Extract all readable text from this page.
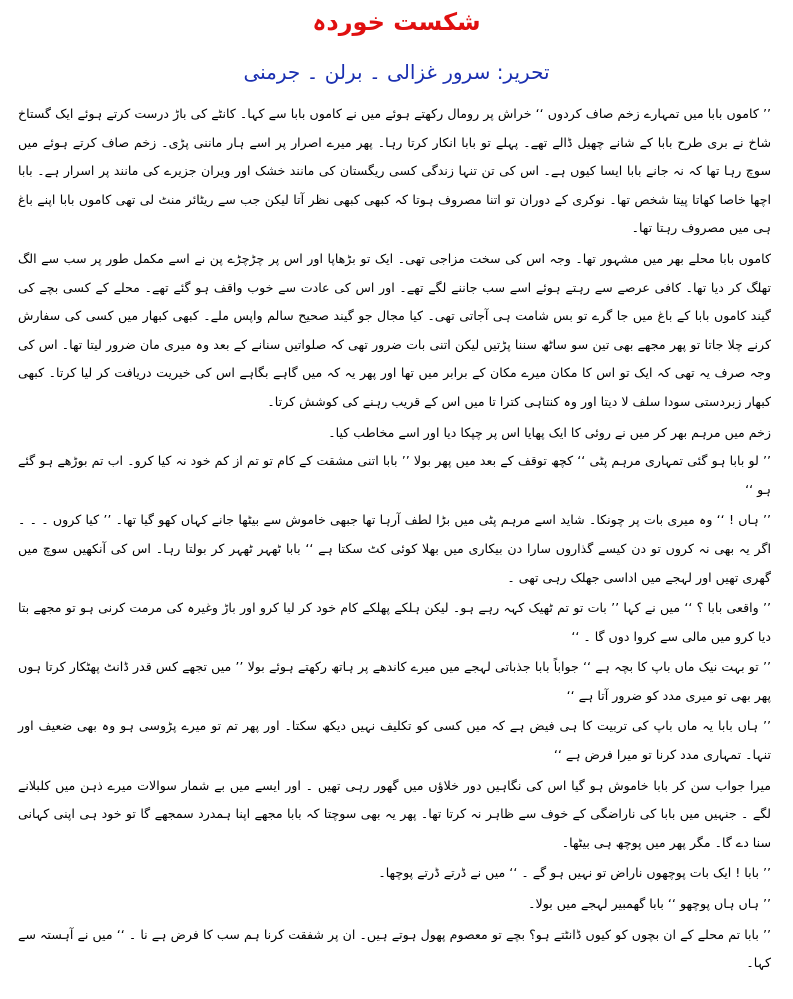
شکست خوردہ
تحریر: سرور غزالی ۔ برلن ۔ جرمنی

’’ کاموں بابا میں تمہارے زخم صاف کردوں ‘‘ خراش پر رومال رکھتے ہوئے میں نے کاموں بابا سے کہا۔ کانٹے کی باڑ درست کرتے ہوئے ایک گستاخ شاخ نے بری طرح بابا کے شانے چھیل ڈالے تھے۔ پہلے تو بابا انکار کرتا رہا۔ پھر میرے اصرار پر اسے ہار ماننی پڑی۔ زخم صاف کرتے ہوئے میں سوچ رہا تھا کہ نہ جانے بابا ایسا کیوں ہے۔ اس کی تن تنہا زندگی کسی ریگستان کی مانند خشک اور ویران جزیرے کی مانند پر اسرار ہے۔ بابا اچھا خاصا کھاتا پیتا شخص تھا۔ نوکری کے دوران تو اتنا مصروف ہوتا کہ کبھی کبھی نظر آتا لیکن جب سے ریٹائر منٹ لی تھی کاموں بابا اپنے باغ ہی میں مصروف رہتا تھا۔

کاموں بابا محلے بھر میں مشہور تھا۔ وجہ اس کی سخت مزاجی تھی۔ ایک تو بڑھاپا اور اس پر چڑچڑے پن نے اسے مکمل طور پر سب سے الگ تھلگ کر دیا تھا۔ کافی عرصے سے رہتے ہوئے اسے سب جاننے لگے تھے۔ اور اس کی عادت سے خوب واقف ہو گئے تھے۔ محلے کے کسی بچے کی گیند کاموں بابا کے باغ میں جا گرے تو بس شامت ہی آجاتی تھی۔ کیا مجال جو گیند صحیح سالم واپس ملے۔ کبھی کبھار میں کسی کی سفارش کرنے چلا جاتا تو پھر مجھے بھی تین سو ساٹھ سننا پڑتیں لیکن اتنی بات ضرور تھی کہ صلواتیں سنانے کے بعد وہ میری مان ضرور لیتا تھا۔ اس کی وجہ صرف یہ تھی کہ ایک تو اس کا مکان میرے مکان کے برابر میں تھا اور پھر یہ کہ میں گاہے بگاہے اس کی خیریت دریافت کر لیا کرتا۔ کبھی کبھار زبردستی سودا سلف لا دیتا اور وہ کنتاہی کترا تا میں اس کے قریب رہنے کی کوشش کرتا۔

زخم میں مرہم بھر کر میں نے روئی کا ایک پھایا اس پر چپکا دیا اور اسے مخاطب کیا۔

’’ لو بابا ہو گئی تمہاری مرہم پٹی ‘‘ کچھ توقف کے بعد میں پھر بولا ’’ بابا اتنی مشقت کے کام تو تم از کم خود نہ کیا کرو۔ اب تم بوڑھے ہو گئے ہو ‘‘

’’ ہاں ! ‘‘ وہ میری بات پر چونکا۔ شاید اسے مرہم پٹی میں بڑا لطف آرہا تھا جبھی خاموش سے بیٹھا جانے کہاں کھو گیا تھا۔ ’’ کیا کروں ۔ ۔ ۔ اگر یہ بھی نہ کروں تو دن کیسے گذاروں سارا دن بیکاری میں بھلا کوئی کٹ سکتا ہے ‘‘ بابا ٹھہر ٹھہر کر بولتا رہا۔ اس کی آنکھیں سوچ میں گھری تھیں اور لہجے میں اداسی جھلک رہی تھی ۔

’’ واقعی بابا ؟ ‘‘ میں نے کہا ’’ بات تو تم ٹھیک کہہ رہے ہو۔ لیکن ہلکے پھلکے کام خود کر لیا کرو اور باڑ وغیرہ کی مرمت کرنی ہو تو مجھے بتا دیا کرو میں مالی سے کروا دوں گا ۔ ‘‘

’’ تو بہت نیک ماں باپ کا بچہ ہے ‘‘ جواباً بابا جذباتی لہجے میں میرے کاندھے پر ہاتھ رکھتے ہوئے بولا ’’ میں تجھے کس قدر ڈانٹ پھٹکار کرتا ہوں پھر بھی تو میری مدد کو ضرور آتا ہے ‘‘

’’ ہاں بابا یہ ماں باپ کی تربیت کا ہی فیض ہے کہ میں کسی کو تکلیف نہیں دیکھ سکتا۔ اور پھر تم تو میرے پڑوسی ہو وہ بھی ضعیف اور تنہا۔ تمہاری مدد کرنا تو میرا فرض ہے ‘‘

میرا جواب سن کر بابا خاموش ہو گیا اس کی نگاہیں دور خلاؤں میں گھور رہی تھیں ۔ اور ایسے میں بے شمار سوالات میرے ذہن میں کلبلانے لگے ۔ جنہیں میں بابا کی ناراضگی کے خوف سے ظاہر نہ کرتا تھا۔ پھر یہ بھی سوچتا کہ بابا مجھے اپنا ہمدرد سمجھے گا تو خود ہی اپنی کہانی سنا دے گا۔ مگر پھر میں پوچھ ہی بیٹھا۔

’’ بابا ! ایک بات پوچھوں ناراض تو نہیں ہو گے ۔ ‘‘ میں نے ڈرتے ڈرتے پوچھا۔

’’ ہاں ہاں پوچھو ‘‘ بابا گھمبیر لہجے میں بولا۔

’’ بابا تم محلے کے ان بچوں کو کیوں ڈانٹتے ہو؟ بچے تو معصوم پھول ہوتے ہیں۔ ان پر شفقت کرنا ہم سب کا فرض ہے نا ۔ ‘‘ میں نے آہستہ سے کہا۔
